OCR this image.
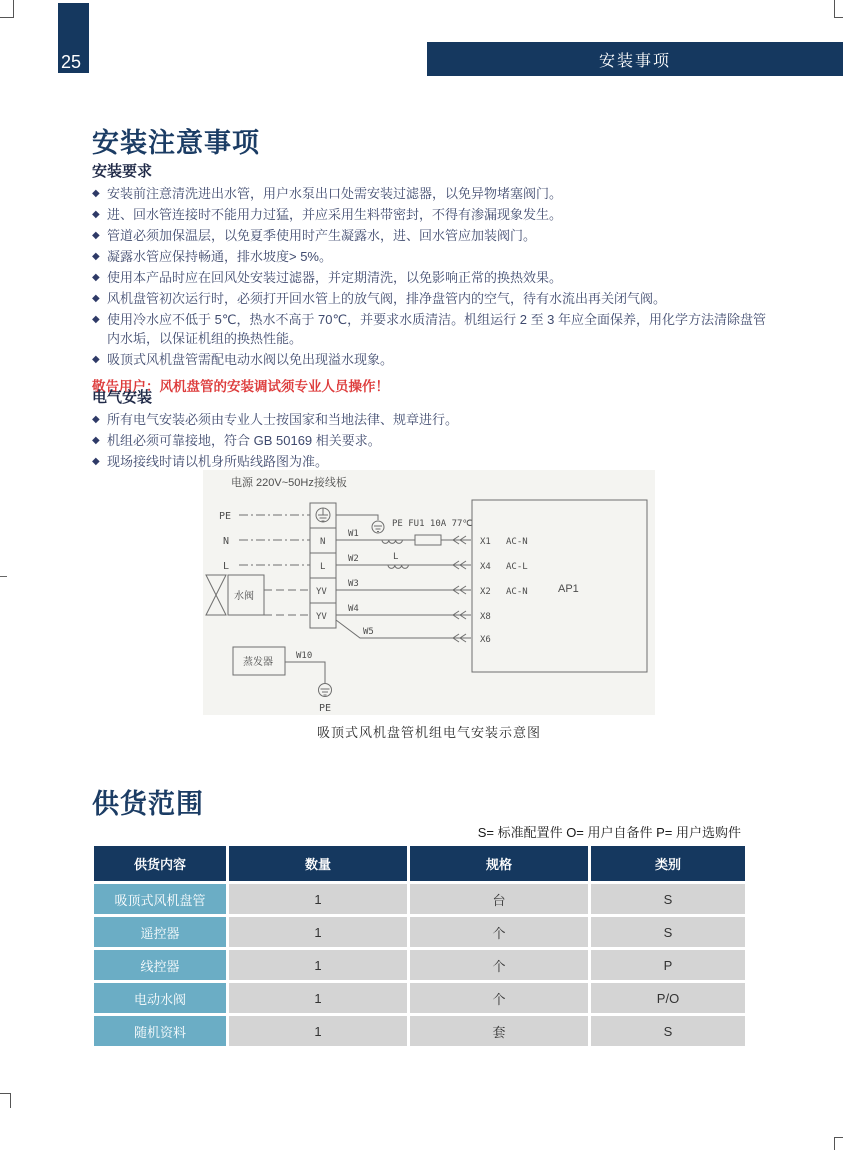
25	安装事项
安装注意事项
安装要求
◆ 安装前注意清洗进出水管，用户水泵出口处需安装过滤器，以免异物堵塞阀门。
◆ 进、回水管连接时不能用力过猛，并应采用生料带密封，不得有渗漏现象发生。
◆ 管道必须加保温层，以免夏季使用时产生凝露水，进、回水管应加装阀门。
◆ 凝露水管应保持畅通，排水坡度> 5%。
◆ 使用本产品时应在回风处安装过滤器，并定期清洗，以免影响正常的换热效果。
◆ 风机盘管初次运行时，必须打开回水管上的放气阀，排净盘管内的空气，待有水流出再关闭气阀。
◆ 使用冷水应不低于 5℃，热水不高于 70℃，并要求水质清洁。机组运行 2 至 3 年应全面保养，用化学方法清除盘管内水垢，以保证机组的换热性能。
◆ 吸顶式风机盘管需配电动水阀以免出现溢水现象。
敬告用户：风机盘管的安装调试须专业人员操作！
电气安装
◆ 所有电气安装必须由专业人士按国家和当地法律、规章进行。
◆ 机组必须可靠接地，符合 GB 50169 相关要求。
◆ 现场接线时请以机身所贴线路图为准。
电源 220V~50Hz接线板
PE
N
L
N
L
YV
YV
PE FU1 10A 77℃
W1
W2	L
W3
W4
W5
AP1
X1 AC-N
X4 AC-L
X2 AC-N
X8
X6
水阀
蒸发器
W10
PE
吸顶式风机盘管机组电气安装示意图
供货范围
S= 标准配置件 O= 用户自备件 P= 用户选购件
供货内容	数量	规格	类别
吸顶式风机盘管	1	台	S
遥控器	1	个	S
线控器	1	个	P
电动水阀	1	个	P/O
随机资料	1	套	S
